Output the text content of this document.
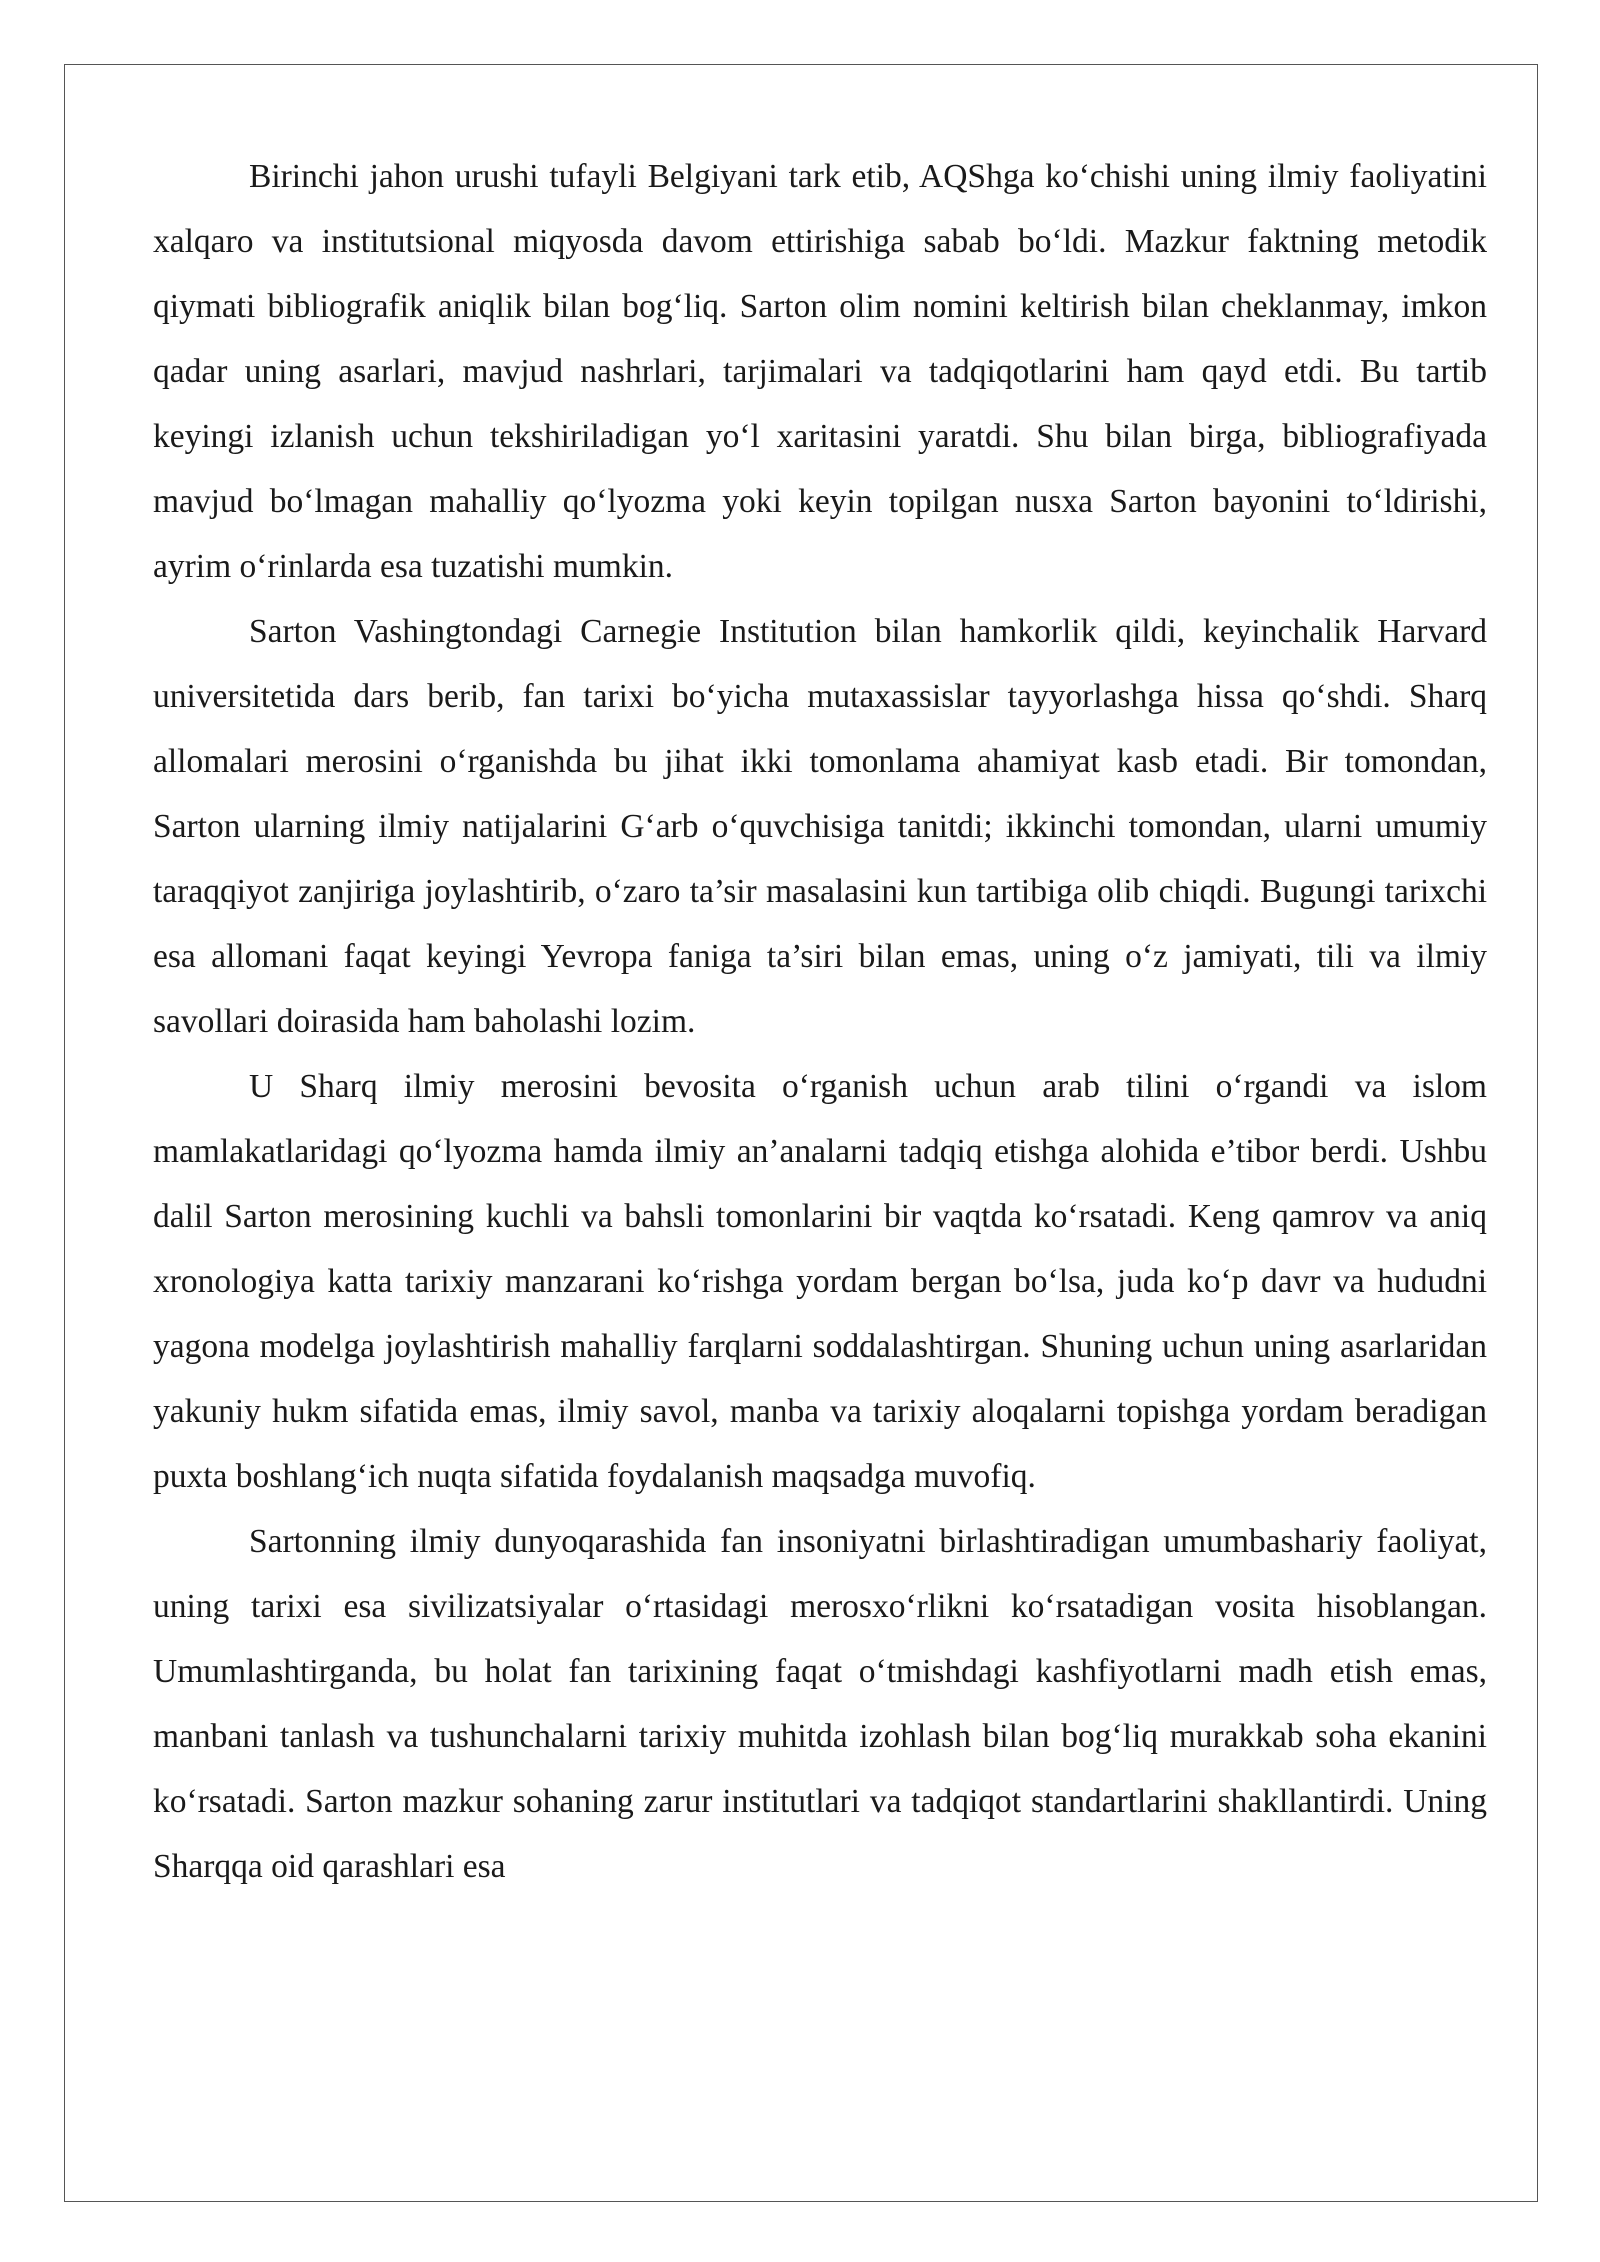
Birinchi jahon urushi tufayli Belgiyani tark etib, AQShga koʻchishi uning ilmiy faoliyatini xalqaro va institutsional miqyosda davom ettirishiga sabab boʻldi. Mazkur faktning metodik qiymati bibliografik aniqlik bilan bogʻliq. Sarton olim nomini keltirish bilan cheklanmay, imkon qadar uning asarlari, mavjud nashrlari, tarjimalari va tadqiqotlarini ham qayd etdi. Bu tartib keyingi izlanish uchun tekshiriladigan yoʻl xaritasini yaratdi. Shu bilan birga, bibliografiyada mavjud boʻlmagan mahalliy qoʻlyozma yoki keyin topilgan nusxa Sarton bayonini toʻldirishi, ayrim oʻrinlarda esa tuzatishi mumkin.

Sarton Vashingtondagi Carnegie Institution bilan hamkorlik qildi, keyinchalik Harvard universitetida dars berib, fan tarixi boʻyicha mutaxassislar tayyorlashga hissa qoʻshdi. Sharq allomalari merosini oʻrganishda bu jihat ikki tomonlama ahamiyat kasb etadi. Bir tomondan, Sarton ularning ilmiy natijalarini Gʻarb oʻquvchisiga tanitdi; ikkinchi tomondan, ularni umumiy taraqqiyot zanjiriga joylashtirib, oʻzaro ta’sir masalasini kun tartibiga olib chiqdi. Bugungi tarixchi esa allomani faqat keyingi Yevropa faniga ta’siri bilan emas, uning oʻz jamiyati, tili va ilmiy savollari doirasida ham baholashi lozim.

U Sharq ilmiy merosini bevosita oʻrganish uchun arab tilini oʻrgandi va islom mamlakatlaridagi qoʻlyozma hamda ilmiy an’analarni tadqiq etishga alohida e’tibor berdi. Ushbu dalil Sarton merosining kuchli va bahsli tomonlarini bir vaqtda koʻrsatadi. Keng qamrov va aniq xronologiya katta tarixiy manzarani koʻrishga yordam bergan boʻlsa, juda koʻp davr va hududni yagona modelga joylashtirish mahalliy farqlarni soddalashtirgan. Shuning uchun uning asarlaridan yakuniy hukm sifatida emas, ilmiy savol, manba va tarixiy aloqalarni topishga yordam beradigan puxta boshlangʻich nuqta sifatida foydalanish maqsadga muvofiq.

Sartonning ilmiy dunyoqarashida fan insoniyatni birlashtiradigan umumbashariy faoliyat, uning tarixi esa sivilizatsiyalar oʻrtasidagi merosxoʻrlikni koʻrsatadigan vosita hisoblangan. Umumlashtirganda, bu holat fan tarixining faqat oʻtmishdagi kashfiyotlarni madh etish emas, manbani tanlash va tushunchalarni tarixiy muhitda izohlash bilan bogʻliq murakkab soha ekanini koʻrsatadi. Sarton mazkur sohaning zarur institutlari va tadqiqot standartlarini shakllantirdi. Uning Sharqqa oid qarashlari esa
